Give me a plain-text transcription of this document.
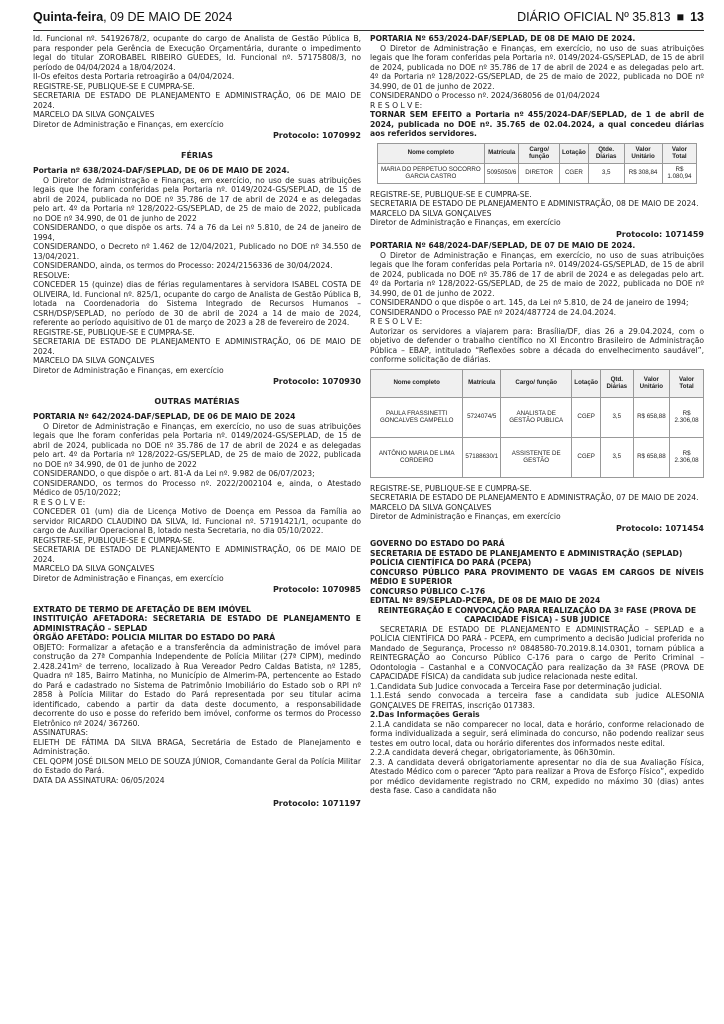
Quinta-feira, 09 DE MAIO DE 2024	DIÁRIO OFICIAL Nº 35.813 ■ 13

Id. Funcional nº. 54192678/2, ocupante do cargo de Analista de Gestão Pública B, para responder pela Gerência de Execução Orçamentária, durante o impedimento legal do titular ZOROBABEL RIBEIRO GUEDES, Id. Funcional nº. 57175808/3, no período de 04/04/2024 a 18/04/2024.

II-Os efeitos desta Portaria retroagirão a 04/04/2024.

REGISTRE-SE, PUBLIQUE-SE E CUMPRA-SE.

SECRETARIA DE ESTADO DE PLANEJAMENTO E ADMINISTRAÇÃO, 06 DE MAIO DE 2024.

MARCELO DA SILVA GONÇALVES

Diretor de Administração e Finanças, em exercício

Protocolo: 1070992

FÉRIAS

Portaria nº 638/2024-DAF/SEPLAD, DE 06 DE MAIO DE 2024.

O Diretor de Administração e Finanças, em exercício, no uso de suas atribuições legais que lhe foram conferidas pela Portaria nº. 0149/2024-GS/SEPLAD, de 15 de abril de 2024, publicada no DOE nº 35.786 de 17 de abril de 2024 e as delegadas pelo art. 4º da Portaria nº 128/2022-GS/SEPLAD, de 25 de maio de 2022, publicada no DOE nº 34.990, de 01 de junho de 2022

CONSIDERANDO, o que dispõe os arts. 74 a 76 da Lei nº 5.810, de 24 de janeiro de 1994,

CONSIDERANDO, o Decreto nº 1.462 de 12/04/2021, Publicado no DOE nº 34.550 de 13/04/2021.

CONSIDERANDO, ainda, os termos do Processo: 2024/2156336 de 30/04/2024.

RESOLVE:

CONCEDER 15 (quinze) dias de férias regulamentares à servidora ISABEL COSTA DE OLIVEIRA, Id. Funcional nº. 825/1, ocupante do cargo de Analista de Gestão Pública B, lotada na Coordenadoria do Sistema Integrado de Recursos Humanos – CSRH/DSP/SEPLAD, no período de 30 de abril de 2024 a 14 de maio de 2024, referente ao período aquisitivo de 01 de março de 2023 a 28 de fevereiro de 2024.

REGISTRE-SE, PUBLIQUE-SE E CUMPRA-SE.

SECRETARIA DE ESTADO DE PLANEJAMENTO E ADMINISTRAÇÃO, 06 DE MAIO DE 2024.

MARCELO DA SILVA GONÇALVES

Diretor de Administração e Finanças, em exercício

Protocolo: 1070930

OUTRAS MATÉRIAS

PORTARIA Nº 642/2024-DAF/SEPLAD, DE 06 DE MAIO DE 2024

O Diretor de Administração e Finanças, em exercício, no uso de suas atribuições legais que lhe foram conferidas pela Portaria nº. 0149/2024-GS/SEPLAD, de 15 de abril de 2024, publicada no DOE nº 35.786 de 17 de abril de 2024 e as delegadas pelo art. 4º da Portaria nº 128/2022-GS/SEPLAD, de 25 de maio de 2022, publicada no DOE nº 34.990, de 01 de junho de 2022

CONSIDERANDO, o que dispõe o art. 81-A da Lei nº. 9.982 de 06/07/2023;

CONSIDERANDO, os termos do Processo nº. 2022/2002104 e, ainda, o Atestado Médico de 05/10/2022;

R E S O L V E:

CONCEDER 01 (um) dia de Licença Motivo de Doença em Pessoa da Família ao servidor RICARDO CLAUDINO DA SILVA, Id. Funcional nº. 57191421/1, ocupante do cargo de Auxiliar Operacional B, lotado nesta Secretaria, no dia 05/10/2022.

REGISTRE-SE, PUBLIQUE-SE E CUMPRA-SE.

SECRETARIA DE ESTADO DE PLANEJAMENTO E ADMINISTRAÇÃO, 06 DE MAIO DE 2024.

MARCELO DA SILVA GONÇALVES

Diretor de Administração e Finanças, em exercício

Protocolo: 1070985

EXTRATO DE TERMO DE AFETAÇÃO DE BEM IMÓVEL

INSTITUIÇÃO AFETADORA: SECRETARIA DE ESTADO DE PLANEJAMENTO E ADMINISTRAÇÃO – SEPLAD

ÓRGÃO AFETADO: POLICIA MILITAR DO ESTADO DO PARÁ

OBJETO: Formalizar a afetação e a transferência da administração de imóvel para construção da 27ª Companhia Independente de Polícia Militar (27ª CIPM), medindo 2.428.241m² de terreno, localizado à Rua Vereador Pedro Caldas Batista, nº 1285, Quadra nº 185, Bairro Matinha, no Município de Almerim-PA, pertencente ao Estado do Pará e cadastrado no Sistema de Patrimônio Imobiliário do Estado sob o RPI nº 2858 à Polícia Militar do Estado do Pará representada por seu titular acima identificado, cabendo a partir da data deste documento, a responsabilidade decorrente do uso e posse do referido bem imóvel, conforme os termos do Processo Eletrônico nº 2024/ 367260.

ASSINATURAS:

ELIETH DE FÁTIMA DA SILVA BRAGA, Secretária de Estado de Planejamento e Administração.

CEL QOPM JOSÉ DILSON MELO DE SOUZA JÚNIOR, Comandante Geral da Polícia Militar do Estado do Pará.

DATA DA ASSINATURA: 06/05/2024

Protocolo: 1071197

PORTARIA Nº 653/2024-DAF/SEPLAD, DE 08 DE MAIO DE 2024.

O Diretor de Administração e Finanças, em exercício, no uso de suas atribuições legais que lhe foram conferidas pela Portaria nº. 0149/2024-GS/SEPLAD, de 15 de abril de 2024, publicada no DOE nº 35.786 de 17 de abril de 2024 e as delegadas pelo art. 4º da Portaria nº 128/2022-GS/SEPLAD, de 25 de maio de 2022, publicada no DOE nº 34.990, de 01 de junho de 2022.

CONSIDERANDO o Processo nº. 2024/368056 de 01/04/2024

R E S O L V E:

TORNAR SEM EFEITO a Portaria nº 455/2024-DAF/SEPLAD, de 1 de abril de 2024, publicada no DOE nº. 35.765 de 02.04.2024, a qual concedeu diárias aos referidos servidores.

Nome completo	Matrícula	Cargo/ função	Lotação	Qtde. Diárias	Valor Unitário	Valor Total
MARIA DO PERPETUO SOCORRO GARCIA CASTRO	5095050/6	DIRETOR	CGER	3,5	R$ 308,84	R$ 1.080,94

REGISTRE-SE, PUBLIQUE-SE E CUMPRA-SE.

SECRETARIA DE ESTADO DE PLANEJAMENTO E ADMINISTRAÇÃO, 08 DE MAIO DE 2024.

MARCELO DA SILVA GONÇALVES

Diretor de Administração e Finanças, em exercício

Protocolo: 1071459

PORTARIA Nº 648/2024-DAF/SEPLAD, DE 07 DE MAIO DE 2024.

O Diretor de Administração e Finanças, em exercício, no uso de suas atribuições legais que lhe foram conferidas pela Portaria nº. 0149/2024-GS/SEPLAD, de 15 de abril de 2024, publicada no DOE nº 35.786 de 17 de abril de 2024 e as delegadas pelo art. 4º da Portaria nº 128/2022-GS/SEPLAD, de 25 de maio de 2022, publicada no DOE nº 34.990, de 01 de junho de 2022.

CONSIDERANDO o que dispõe o art. 145, da Lei nº 5.810, de 24 de janeiro de 1994;

CONSIDERANDO o Processo PAE nº 2024/487724 de 24.04.2024.

R E S O L V E:

Autorizar os servidores a viajarem para: Brasília/DF, dias 26 a 29.04.2024, com o objetivo de defender o trabalho científico no XI Encontro Brasileiro de Administração Pública – EBAP, intitulado “Reflexões sobre a década do envelhecimento saudável”, conforme solicitação de diárias.

Nome completo	Matrícula	Cargo/ função	Lotação	Qtd. Diárias	Valor Unitário	Valor Total
PAULA FRASSINETTI GONCALVES CAMPELLO	5724074/5	ANALISTA DE GESTÃO PUBLICA	CGEP	3,5	R$ 658,88	R$ 2.306,08
ANTÔNIO MARIA DE LIMA CORDEIRO	57188630/1	ASSISTENTE DE GESTÃO	CGEP	3,5	R$ 658,88	R$ 2.306,08

REGISTRE-SE, PUBLIQUE-SE E CUMPRA-SE.

SECRETARIA DE ESTADO DE PLANEJAMENTO E ADMINISTRAÇÃO, 07 DE MAIO DE 2024.

MARCELO DA SILVA GONÇALVES

Diretor de Administração e Finanças, em exercício

Protocolo: 1071454

GOVERNO DO ESTADO DO PARÁ

SECRETARIA DE ESTADO DE PLANEJAMENTO E ADMINISTRAÇÃO (SEPLAD)

POLÍCIA CIENTÍFICA DO PARÁ (PCEPA)

CONCURSO PÚBLICO PARA PROVIMENTO DE VAGAS EM CARGOS DE NÍVEIS MÉDIO E SUPERIOR

CONCURSO PÚBLICO C-176

EDITAL Nº 89/SEPLAD-PCEPA, DE 08 DE MAIO DE 2024

REINTEGRAÇÃO E CONVOCAÇÃO PARA REALIZAÇÃO DA 3ª FASE (PROVA DE CAPACIDADE FÍSICA) - SUB JUDICE

SECRETARIA DE ESTADO DE PLANEJAMENTO E ADMINISTRAÇÃO – SEPLAD e a POLÍCIA CIENTÍFICA DO PARÁ - PCEPA, em cumprimento a decisão Judicial proferida no Mandado de Segurança, Processo nº 0848580-70.2019.8.14.0301, tornam pública a REINTEGRAÇÃO ao Concurso Público C-176 para o cargo de Perito Criminal – Odontologia – Castanhal e a CONVOCAÇÃO para realização da 3ª FASE (PROVA DE CAPACIDADE FÍSICA) da candidata sub judice relacionada neste edital.

1.Candidata Sub Judice convocada a Terceira Fase por determinação judicial.

1.1.Está sendo convocada a terceira fase a candidata sub judice ALESONIA GONÇALVES DE FREITAS, inscrição 017383.

2.Das Informações Gerais

2.1.A candidata se não comparecer no local, data e horário, conforme relacionado de forma individualizada a seguir, será eliminada do concurso, não podendo realizar seus testes em outro local, data ou horário diferentes dos informados neste edital.

2.2.A candidata deverá chegar, obrigatoriamente, às 06h30min.

2.3. A candidata deverá obrigatoriamente apresentar no dia de sua Avaliação Física, Atestado Médico com o parecer “Apto para realizar a Prova de Esforço Físico”, expedido por médico devidamente registrado no CRM, expedido no máximo 30 (dias) antes desta fase. Caso a candidata não
